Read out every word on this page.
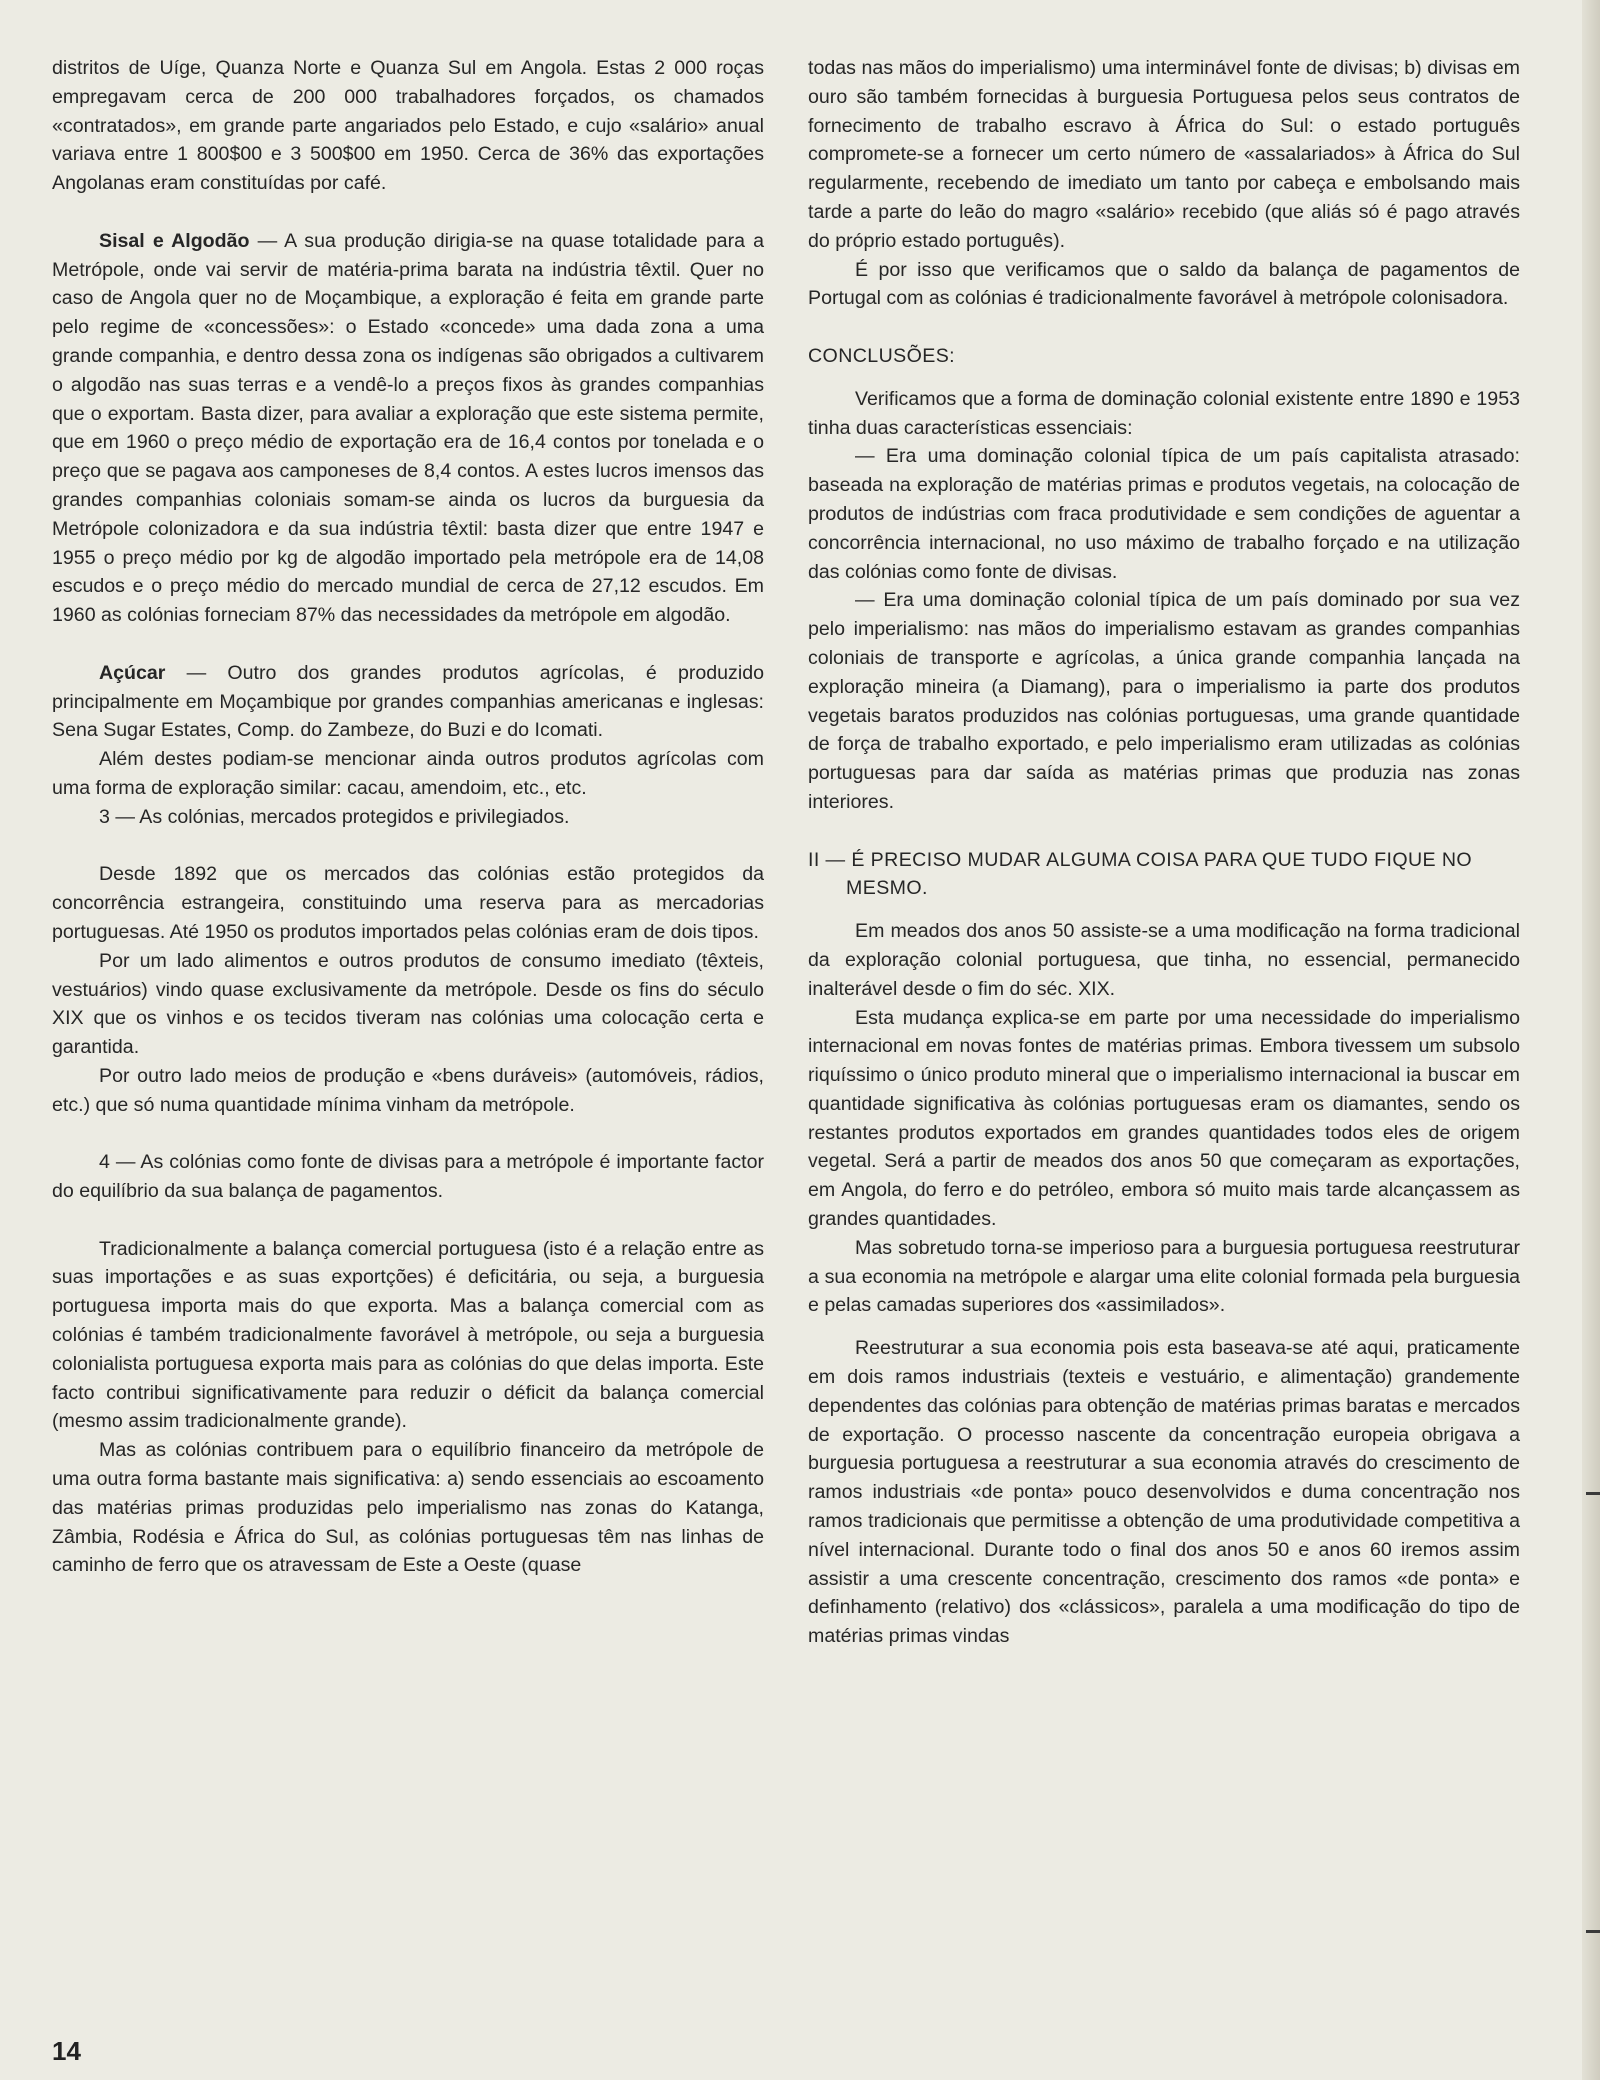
distritos de Uíge, Quanza Norte e Quanza Sul em Angola. Estas 2 000 roças empregavam cerca de 200 000 trabalhadores forçados, os chamados «contratados», em grande parte angariados pelo Estado, e cujo «salário» anual variava entre 1 800$00 e 3 500$00 em 1950. Cerca de 36% das exportações Angolanas eram constituídas por café.

Sisal e Algodão — A sua produção dirigia-se na quase totalidade para a Metrópole, onde vai servir de matéria-prima barata na indústria têxtil. Quer no caso de Angola quer no de Moçambique, a exploração é feita em grande parte pelo regime de «concessões»: o Estado «concede» uma dada zona a uma grande companhia, e dentro dessa zona os indígenas são obrigados a cultivarem o algodão nas suas terras e a vendê-lo a preços fixos às grandes companhias que o exportam. Basta dizer, para avaliar a exploração que este sistema permite, que em 1960 o preço médio de exportação era de 16,4 contos por tonelada e o preço que se pagava aos camponeses de 8,4 contos. A estes lucros imensos das grandes companhias coloniais somam-se ainda os lucros da burguesia da Metrópole colonizadora e da sua indústria têxtil: basta dizer que entre 1947 e 1955 o preço médio por kg de algodão importado pela metrópole era de 14,08 escudos e o preço médio do mercado mundial de cerca de 27,12 escudos. Em 1960 as colónias forneciam 87% das necessidades da metrópole em algodão.

Açúcar — Outro dos grandes produtos agrícolas, é produzido principalmente em Moçambique por grandes companhias americanas e inglesas: Sena Sugar Estates, Comp. do Zambeze, do Buzi e do Icomati.

Além destes podiam-se mencionar ainda outros produtos agrícolas com uma forma de exploração similar: cacau, amendoim, etc., etc.

3 — As colónias, mercados protegidos e privilegiados.

Desde 1892 que os mercados das colónias estão protegidos da concorrência estrangeira, constituindo uma reserva para as mercadorias portuguesas. Até 1950 os produtos importados pelas colónias eram de dois tipos.

Por um lado alimentos e outros produtos de consumo imediato (têxteis, vestuários) vindo quase exclusivamente da metrópole. Desde os fins do século XIX que os vinhos e os tecidos tiveram nas colónias uma colocação certa e garantida.

Por outro lado meios de produção e «bens duráveis» (automóveis, rádios, etc.) que só numa quantidade mínima vinham da metrópole.

4 — As colónias como fonte de divisas para a metrópole é importante factor do equilíbrio da sua balança de pagamentos.

Tradicionalmente a balança comercial portuguesa (isto é a relação entre as suas importações e as suas exportções) é deficitária, ou seja, a burguesia portuguesa importa mais do que exporta. Mas a balança comercial com as colónias é também tradicionalmente favorável à metrópole, ou seja a burguesia colonialista portuguesa exporta mais para as colónias do que delas importa. Este facto contribui significativamente para reduzir o déficit da balança comercial (mesmo assim tradicionalmente grande).

Mas as colónias contribuem para o equilíbrio financeiro da metrópole de uma outra forma bastante mais significativa: a) sendo essenciais ao escoamento das matérias primas produzidas pelo imperialismo nas zonas do Katanga, Zâmbia, Rodésia e África do Sul, as colónias portuguesas têm nas linhas de caminho de ferro que os atravessam de Este a Oeste (quase

todas nas mãos do imperialismo) uma interminável fonte de divisas; b) divisas em ouro são também fornecidas à burguesia Portuguesa pelos seus contratos de fornecimento de trabalho escravo à África do Sul: o estado português compromete-se a fornecer um certo número de «assalariados» à África do Sul regularmente, recebendo de imediato um tanto por cabeça e embolsando mais tarde a parte do leão do magro «salário» recebido (que aliás só é pago através do próprio estado português).

É por isso que verificamos que o saldo da balança de pagamentos de Portugal com as colónias é tradicionalmente favorável à metrópole colonisadora.

CONCLUSÕES:

Verificamos que a forma de dominação colonial existente entre 1890 e 1953 tinha duas características essenciais:

— Era uma dominação colonial típica de um país capitalista atrasado: baseada na exploração de matérias primas e produtos vegetais, na colocação de produtos de indústrias com fraca produtividade e sem condições de aguentar a concorrência internacional, no uso máximo de trabalho forçado e na utilização das colónias como fonte de divisas.

— Era uma dominação colonial típica de um país dominado por sua vez pelo imperialismo: nas mãos do imperialismo estavam as grandes companhias coloniais de transporte e agrícolas, a única grande companhia lançada na exploração mineira (a Diamang), para o imperialismo ia parte dos produtos vegetais baratos produzidos nas colónias portuguesas, uma grande quantidade de força de trabalho exportado, e pelo imperialismo eram utilizadas as colónias portuguesas para dar saída as matérias primas que produzia nas zonas interiores.

II — É PRECISO MUDAR ALGUMA COISA PARA QUE TUDO FIQUE NO MESMO.

Em meados dos anos 50 assiste-se a uma modificação na forma tradicional da exploração colonial portuguesa, que tinha, no essencial, permanecido inalterável desde o fim do séc. XIX.

Esta mudança explica-se em parte por uma necessidade do imperialismo internacional em novas fontes de matérias primas. Embora tivessem um subsolo riquíssimo o único produto mineral que o imperialismo internacional ia buscar em quantidade significativa às colónias portuguesas eram os diamantes, sendo os restantes produtos exportados em grandes quantidades todos eles de origem vegetal. Será a partir de meados dos anos 50 que começaram as exportações, em Angola, do ferro e do petróleo, embora só muito mais tarde alcançassem as grandes quantidades.

Mas sobretudo torna-se imperioso para a burguesia portuguesa reestruturar a sua economia na metrópole e alargar uma elite colonial formada pela burguesia e pelas camadas superiores dos «assimilados».

Reestruturar a sua economia pois esta baseava-se até aqui, praticamente em dois ramos industriais (texteis e vestuário, e alimentação) grandemente dependentes das colónias para obtenção de matérias primas baratas e mercados de exportação. O processo nascente da concentração europeia obrigava a burguesia portuguesa a reestruturar a sua economia através do crescimento de ramos industriais «de ponta» pouco desenvolvidos e duma concentração nos ramos tradicionais que permitisse a obtenção de uma produtividade competitiva a nível internacional. Durante todo o final dos anos 50 e anos 60 iremos assim assistir a uma crescente concentração, crescimento dos ramos «de ponta» e definhamento (relativo) dos «clássicos», paralela a uma modificação do tipo de matérias primas vindas

14
